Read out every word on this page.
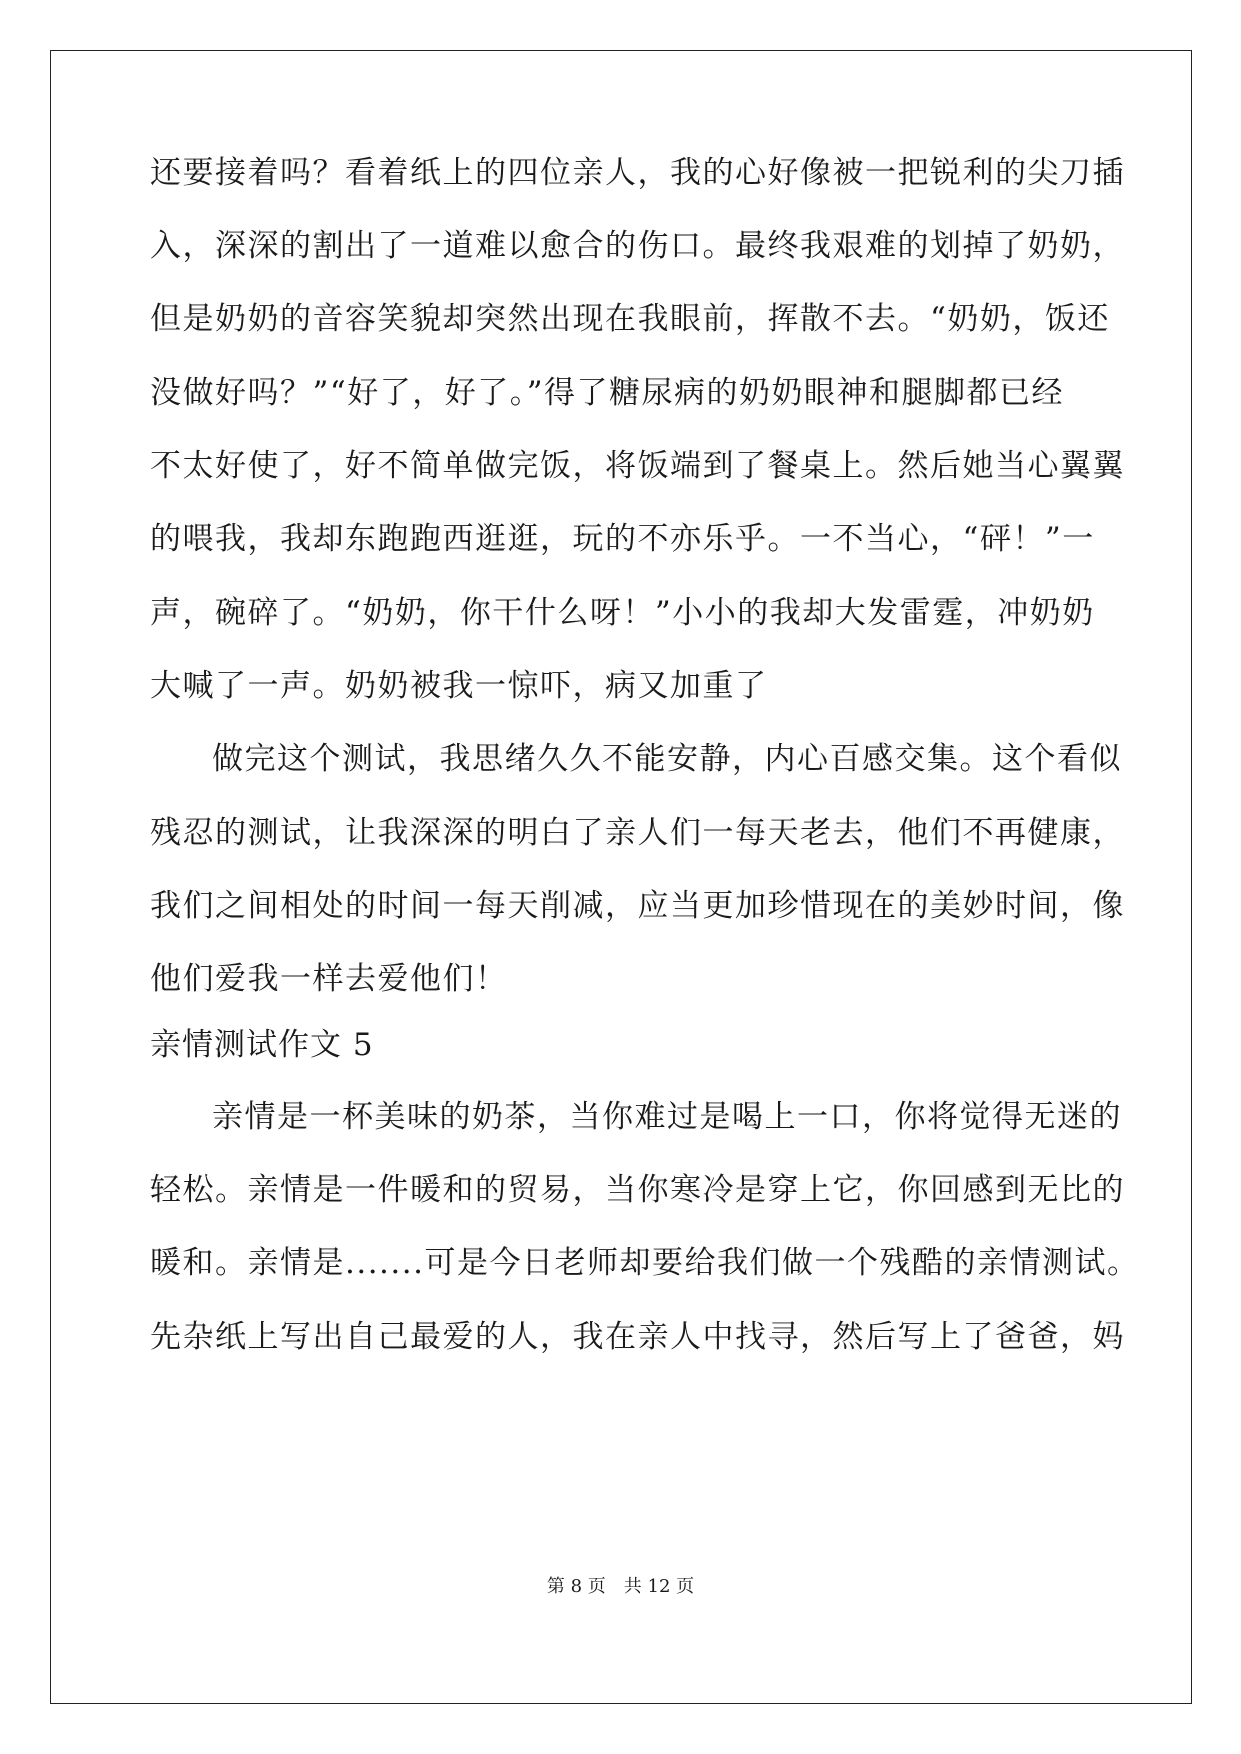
还要接着吗？看着纸上的四位亲人，我的心好像被一把锐利的尖刀插
入，深深的割出了一道难以愈合的伤口。最终我艰难的划掉了奶奶，
但是奶奶的音容笑貌却突然出现在我眼前，挥散不去。“奶奶，饭还
没做好吗？”“好了，好了。”得了糖尿病的奶奶眼神和腿脚都已经
不太好使了，好不简单做完饭，将饭端到了餐桌上。然后她当心翼翼
的喂我，我却东跑跑西逛逛，玩的不亦乐乎。一不当心，“砰！”一
声，碗碎了。“奶奶，你干什么呀！”小小的我却大发雷霆，冲奶奶
大喊了一声。奶奶被我一惊吓，病又加重了
做完这个测试，我思绪久久不能安静，内心百感交集。这个看似
残忍的测试，让我深深的明白了亲人们一每天老去，他们不再健康，
我们之间相处的时间一每天削减，应当更加珍惜现在的美妙时间，像
他们爱我一样去爱他们！
亲情测试作文 5
亲情是一杯美味的奶茶，当你难过是喝上一口，你将觉得无迷的
轻松。亲情是一件暖和的贸易，当你寒冷是穿上它，你回感到无比的
暖和。亲情是.......可是今日老师却要给我们做一个残酷的亲情测试。
先杂纸上写出自己最爱的人，我在亲人中找寻，然后写上了爸爸，妈
第 8 页　共 12 页
